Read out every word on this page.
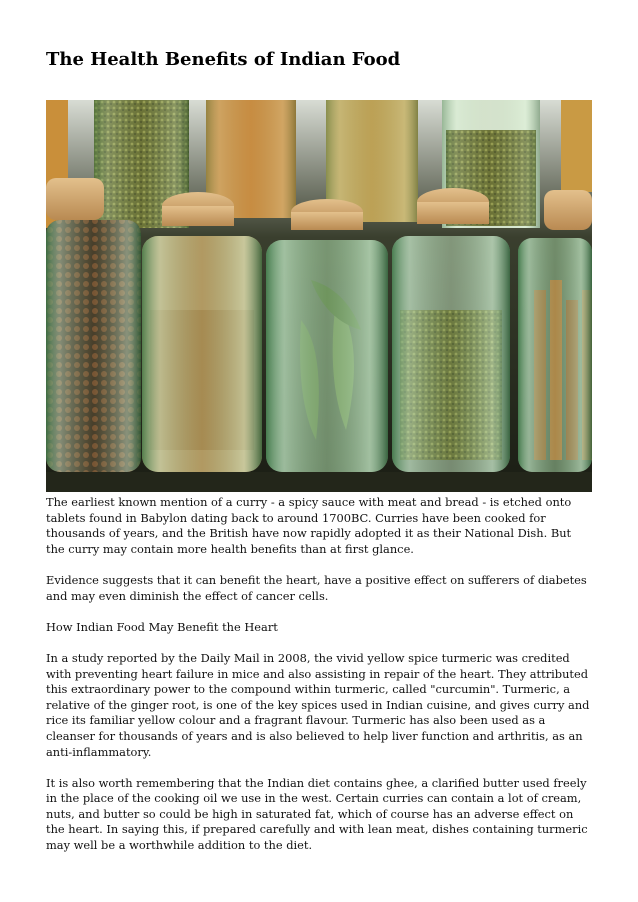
The Health Benefits of Indian Food

The earliest known mention of a curry - a spicy sauce with meat and bread - is etched onto tablets found in Babylon dating back to around 1700BC. Curries have been cooked for thousands of years, and the British have now rapidly adopted it as their National Dish. But the curry may contain more health benefits than at first glance.

Evidence suggests that it can benefit the heart, have a positive effect on sufferers of diabetes and may even diminish the effect of cancer cells.

How Indian Food May Benefit the Heart

In a study reported by the Daily Mail in 2008, the vivid yellow spice turmeric was credited with preventing heart failure in mice and also assisting in repair of the heart. They attributed this extraordinary power to the compound within turmeric, called "curcumin". Turmeric, a relative of the ginger root, is one of the key spices used in Indian cuisine, and gives curry and rice its familiar yellow colour and a fragrant flavour. Turmeric has also been used as a cleanser for thousands of years and is also believed to help liver function and arthritis, as an anti-inflammatory.

It is also worth remembering that the Indian diet contains ghee, a clarified butter used freely in the place of the cooking oil we use in the west. Certain curries can contain a lot of cream, nuts, and butter so could be high in saturated fat, which of course has an adverse effect on the heart. In saying this, if prepared carefully and with lean meat, dishes containing turmeric may well be a worthwhile addition to the diet.
